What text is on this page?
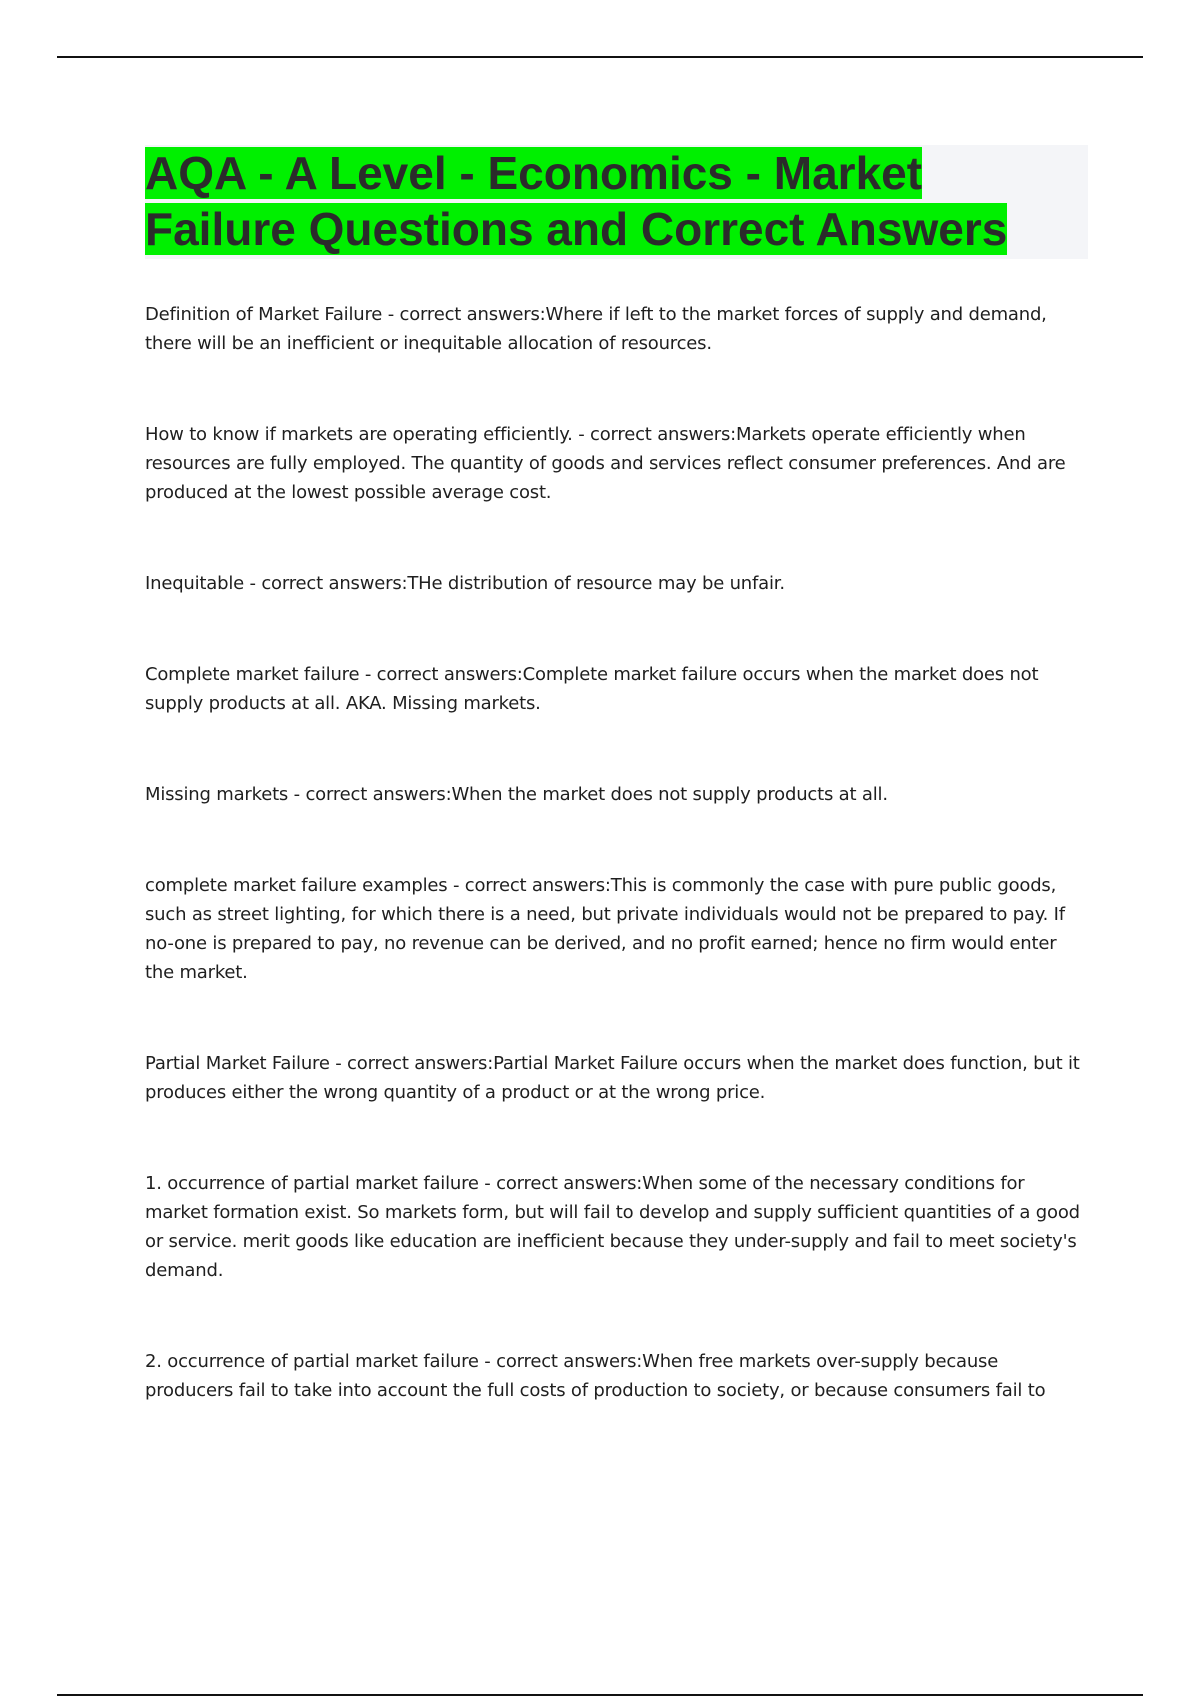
AQA - A Level - Economics - Market
Failure Questions and Correct Answers

Definition of Market Failure - correct answers:Where if left to the market forces of supply and demand, there will be an inefficient or inequitable allocation of resources.

How to know if markets are operating efficiently. - correct answers:Markets operate efficiently when resources are fully employed. The quantity of goods and services reflect consumer preferences. And are produced at the lowest possible average cost.

Inequitable - correct answers:THe distribution of resource may be unfair.

Complete market failure - correct answers:Complete market failure occurs when the market does not supply products at all. AKA. Missing markets.

Missing markets - correct answers:When the market does not supply products at all.

complete market failure examples - correct answers:This is commonly the case with pure public goods, such as street lighting, for which there is a need, but private individuals would not be prepared to pay. If no-one is prepared to pay, no revenue can be derived, and no profit earned; hence no firm would enter the market.

Partial Market Failure - correct answers:Partial Market Failure occurs when the market does function, but it produces either the wrong quantity of a product or at the wrong price.

1. occurrence of partial market failure - correct answers:When some of the necessary conditions for market formation exist. So markets form, but will fail to develop and supply sufficient quantities of a good or service. merit goods like education are inefficient because they under-supply and fail to meet society's demand.

2. occurrence of partial market failure - correct answers:When free markets over-supply because producers fail to take into account the full costs of production to society, or because consumers fail to
